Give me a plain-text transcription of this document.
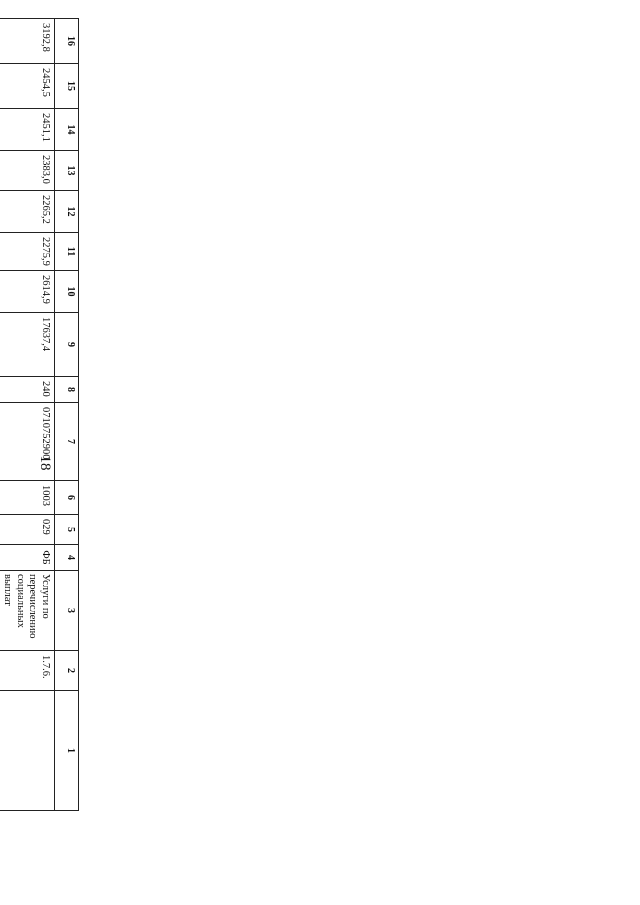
18
16	15	14	13	12	11	10	9	8	7	6	5	4	3	2	1
3192,8	2454,5	2451,1	2383,0	2265,2	2275,9	2614,9	17637,4	240	0710752900	1003	029	ФБ	Услуги по перечислению социальных выплат	1.7.6.	
